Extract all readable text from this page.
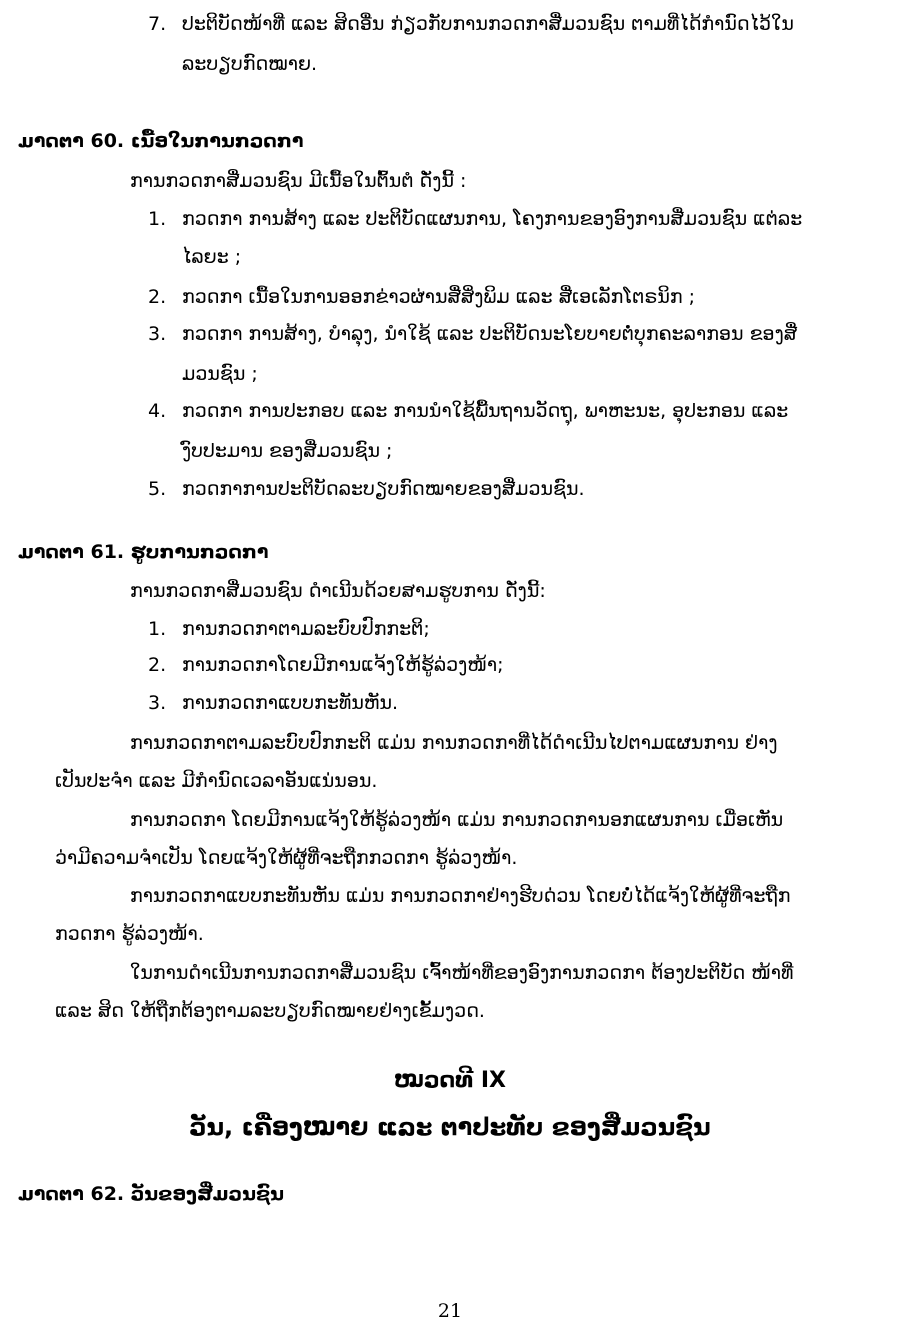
7. ປະຕິບັດໜ້າທີ່ ແລະ ສິດອື່ນ ກ່ຽວກັບການກວດກາສື່ມວນຊົນ ຕາມທີ່ໄດ້ກຳນົດໄວ້ໃນ
ລະບຽບກົດໝາຍ.
ມາດຕາ 60. ເນື້ອໃນການກວດກາ
ການກວດກາສື່ມວນຊົນ ມີເນື້ອໃນຕົ້ນຕໍ ດັ່ງນີ້ :
1. ກວດກາ ການສ້າງ ແລະ ປະຕິບັດແຜນການ, ໂຄງການຂອງອົງການສື່ມວນຊົນ ແຕ່ລະ
ໄລຍະ ;
2. ກວດກາ ເນື້ອໃນການອອກຂ່າວຜ່ານສື່ສິ່ງພິມ ແລະ ສື່ເອເລັກໂຕຣນິກ ;
3. ກວດກາ ການສ້າງ, ບຳລຸງ, ນຳໃຊ້ ແລະ ປະຕິບັດນະໂຍບາຍຕໍ່ບຸກຄະລາກອນ ຂອງສື່
ມວນຊົນ ;
4. ກວດກາ ການປະກອບ ແລະ ການນຳໃຊ້ພື້ນຖານວັດຖຸ, ພາຫະນະ, ອຸປະກອນ ແລະ
ງົບປະມານ ຂອງສື່ມວນຊົນ ;
5. ກວດກາການປະຕິບັດລະບຽບກົດໝາຍຂອງສື່ມວນຊົນ.
ມາດຕາ 61. ຮູບການກວດກາ
ການກວດກາສື່ມວນຊົນ ດຳເນີນດ້ວຍສາມຮູບການ ດັ່ງນີ້:
1. ການກວດກາຕາມລະບົບປົກກະຕິ;
2. ການກວດກາໂດຍມີການແຈ້ງໃຫ້ຮູ້ລ່ວງໜ້າ;
3. ການກວດກາແບບກະທັນຫັນ.
ການກວດກາຕາມລະບົບປົກກະຕິ ແມ່ນ ການກວດກາທີ່ໄດ້ດຳເນີນໄປຕາມແຜນການ ຢ່າງ
ເປັນປະຈຳ ແລະ ມີກຳນົດເວລາອັນແນ່ນອນ.
ການກວດກາ ໂດຍມີການແຈ້ງໃຫ້ຮູ້ລ່ວງໜ້າ ແມ່ນ ການກວດການອກແຜນການ ເມື່ອເຫັນ
ວ່າມີຄວາມຈຳເປັນ ໂດຍແຈ້ງໃຫ້ຜູ້ທີ່ຈະຖືກກວດກາ ຮູ້ລ່ວງໜ້າ.
ການກວດກາແບບກະທັນຫັນ ແມ່ນ ການກວດກາຢ່າງຮີບດ່ວນ ໂດຍບໍ່ໄດ້ແຈ້ງໃຫ້ຜູ້ທີ່ຈະຖືກ
ກວດກາ ຮູ້ລ່ວງໜ້າ.
ໃນການດຳເນີນການກວດກາສື່ມວນຊົນ ເຈົ້າໜ້າທີ່ຂອງອົງການກວດກາ ຕ້ອງປະຕິບັດ ໜ້າທີ່
ແລະ ສິດ ໃຫ້ຖືກຕ້ອງຕາມລະບຽບກົດໝາຍຢ່າງເຂັ້ມງວດ.
ໝວດທີ IX
ວັນ, ເຄື່ອງໝາຍ ແລະ ຕາປະທັບ ຂອງສື່ມວນຊົນ
ມາດຕາ 62. ວັນຂອງສື່ມວນຊົນ
21
